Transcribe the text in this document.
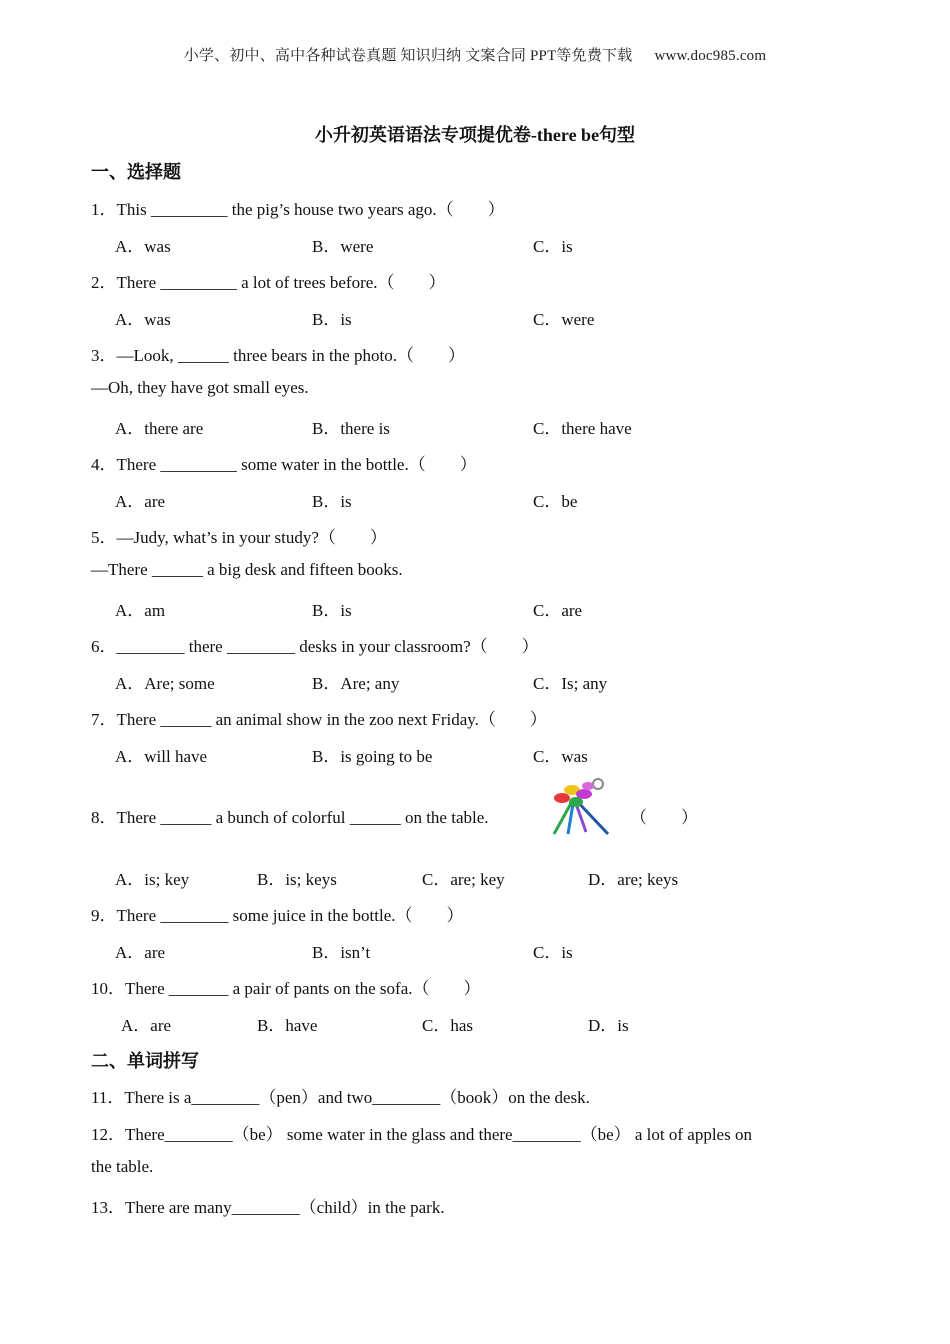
小学、初中、高中各种试卷真题 知识归纳 文案合同 PPT等免费下载 www.doc985.com
小升初英语语法专项提优卷-there be句型
一、选择题
1．This _________ the pig’s house two years ago.（　　）
A．was	B．were	C．is
2．There _________ a lot of trees before.（　　）
A．was	B．is	C．were
3．—Look, ______ three bears in the photo.（　　）
—Oh, they have got small eyes.
A．there are	B．there is	C．there have
4．There _________ some water in the bottle.（　　）
A．are	B．is	C．be
5．—Judy, what’s in your study?（　　）
—There ______ a big desk and fifteen books.
A．am	B．is	C．are
6．________ there ________ desks in your classroom?（　　）
A．Are; some	B．Are; any	C．Is; any
7．There ______ an animal show in the zoo next Friday.（　　）
A．will have	B．is going to be	C．was
8．There ______ a bunch of colorful ______ on the table.	（　　）
A．is; key	B．is; keys	C．are; key	D．are; keys
9．There ________ some juice in the bottle.（　　）
A．are	B．isn’t	C．is
10．There _______ a pair of pants on the sofa.（　　）
A．are	B．have	C．has	D．is
二、单词拼写
11．There is a________（pen）and two________（book）on the desk.
12．There________（be） some water in the glass and there________（be） a lot of apples on
the table.
13．There are many________（child）in the park.
